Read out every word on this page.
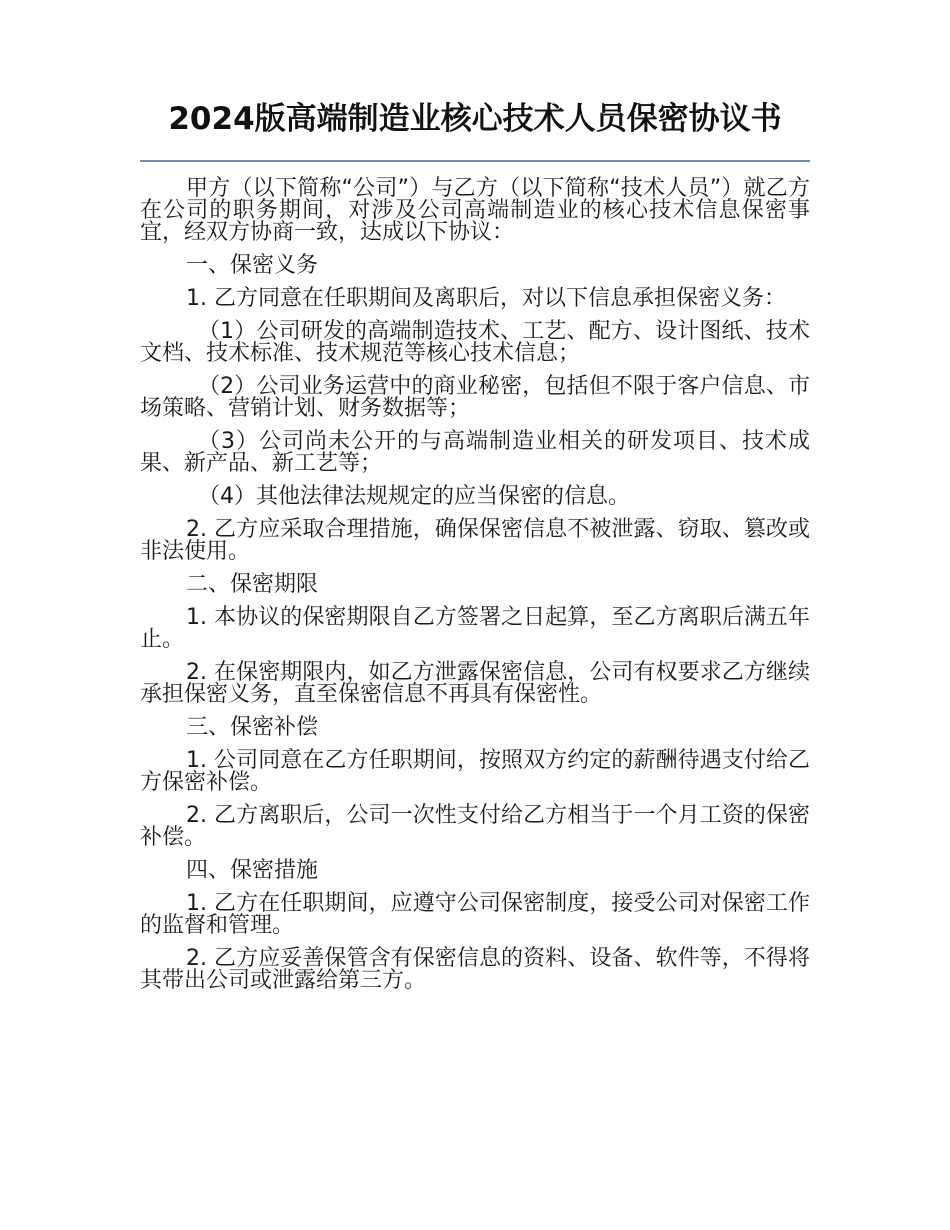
2024版高端制造业核心技术人员保密协议书

甲方（以下简称“公司”）与乙方（以下简称“技术人员”）就乙方在公司的职务期间，对涉及公司高端制造业的核心技术信息保密事宜，经双方协商一致，达成以下协议：

一、保密义务

1. 乙方同意在任职期间及离职后，对以下信息承担保密义务：

（1）公司研发的高端制造技术、工艺、配方、设计图纸、技术文档、技术标准、技术规范等核心技术信息；

（2）公司业务运营中的商业秘密，包括但不限于客户信息、市场策略、营销计划、财务数据等；

（3）公司尚未公开的与高端制造业相关的研发项目、技术成果、新产品、新工艺等；

（4）其他法律法规规定的应当保密的信息。

2. 乙方应采取合理措施，确保保密信息不被泄露、窃取、篡改或非法使用。

二、保密期限

1. 本协议的保密期限自乙方签署之日起算，至乙方离职后满五年止。

2. 在保密期限内，如乙方泄露保密信息，公司有权要求乙方继续承担保密义务，直至保密信息不再具有保密性。

三、保密补偿

1. 公司同意在乙方任职期间，按照双方约定的薪酬待遇支付给乙方保密补偿。

2. 乙方离职后，公司一次性支付给乙方相当于一个月工资的保密补偿。

四、保密措施

1. 乙方在任职期间，应遵守公司保密制度，接受公司对保密工作的监督和管理。

2. 乙方应妥善保管含有保密信息的资料、设备、软件等，不得将其带出公司或泄露给第三方。
